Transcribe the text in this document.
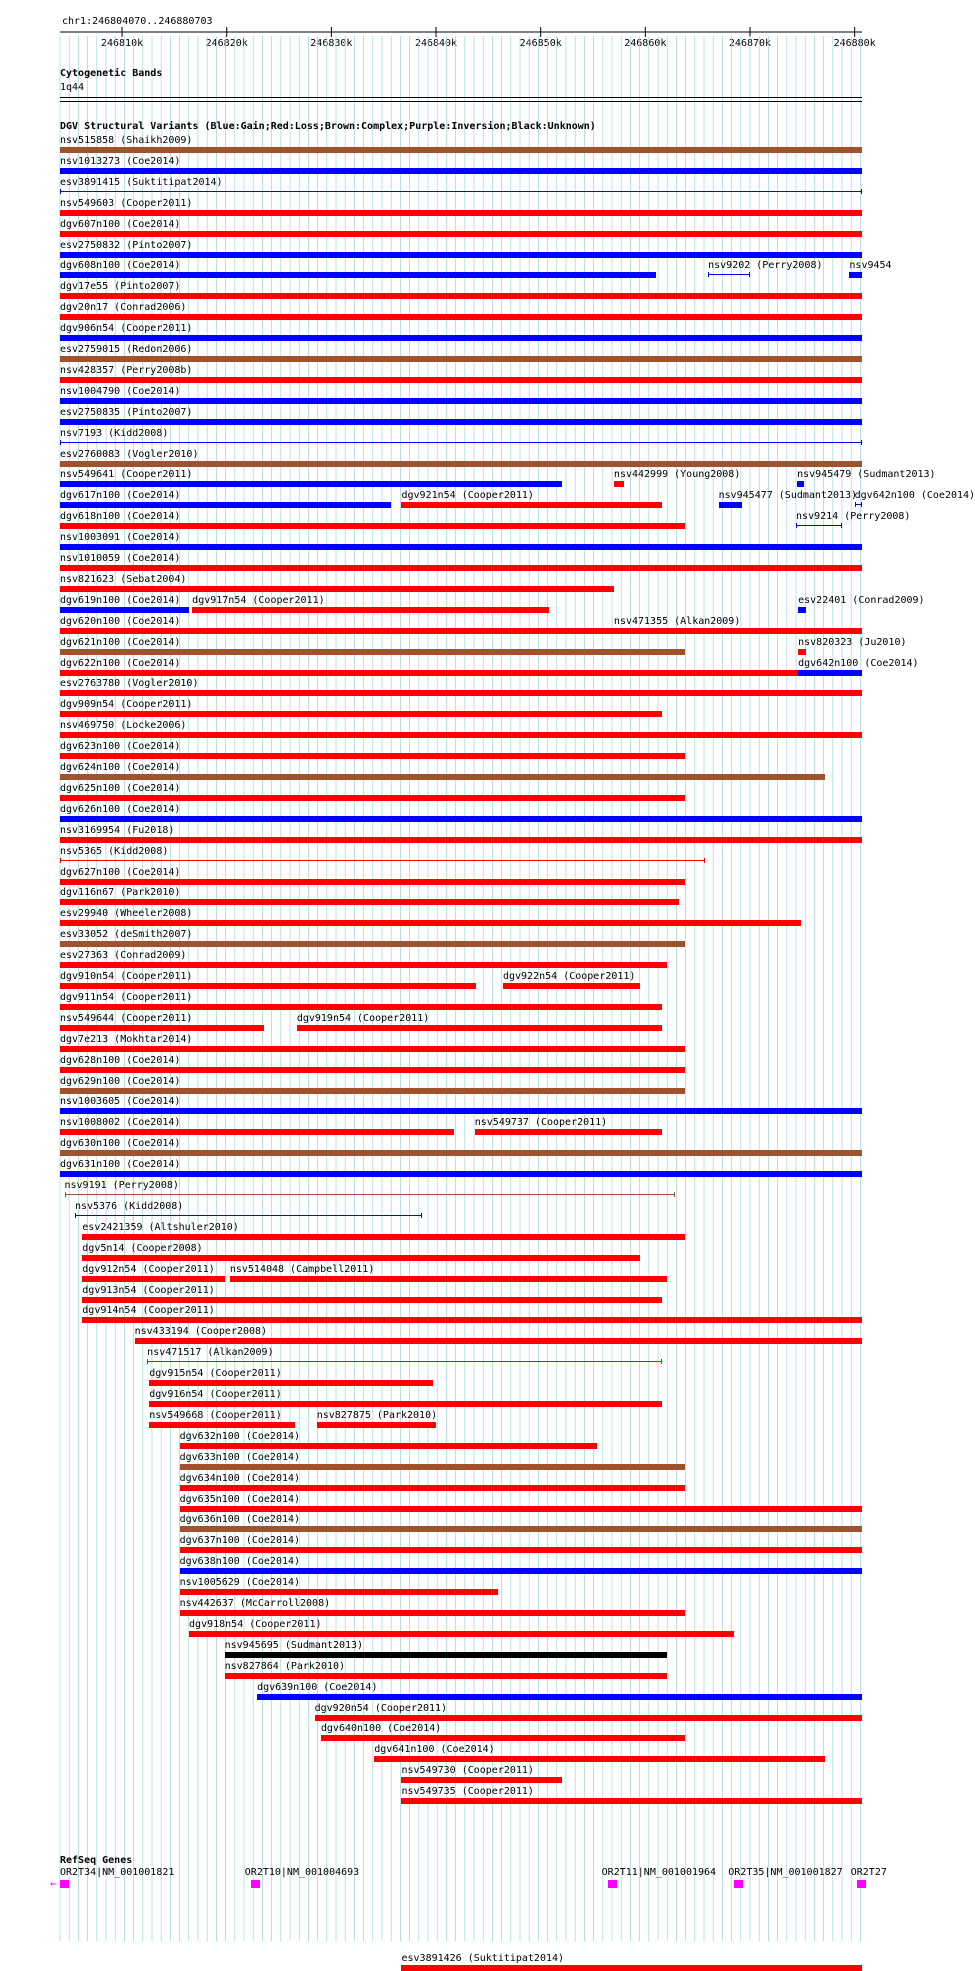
chr1:246804070..246880703
246810k	246820k	246830k	246840k	246850k	246860k	246870k	246880k
Cytogenetic Bands
1q44
DGV Structural Variants (Blue:Gain;Red:Loss;Brown:Complex;Purple:Inversion;Black:Unknown)
nsv515858 (Shaikh2009)
nsv1013273 (Coe2014)
esv3891415 (Suktitipat2014)
nsv549603 (Cooper2011)
dgv607n100 (Coe2014)
esv2750832 (Pinto2007)
dgv608n100 (Coe2014)
dgv17e55 (Pinto2007)
dgv20n17 (Conrad2006)
dgv906n54 (Cooper2011)
esv2759015 (Redon2006)
nsv428357 (Perry2008b)
nsv1004790 (Coe2014)
esv2750835 (Pinto2007)
nsv7193 (Kidd2008)
esv2760083 (Vogler2010)
nsv549641 (Cooper2011)
dgv617n100 (Coe2014)	dgv921n54 (Cooper2011)
dgv618n100 (Coe2014)
nsv1003091 (Coe2014)
nsv1010059 (Coe2014)
nsv821623 (Sebat2004)
dgv619n100 (Coe2014) dgv917n54 (Cooper2011)
dgv620n100 (Coe2014)
dgv621n100 (Coe2014)
dgv622n100 (Coe2014)
esv2763780 (Vogler2010)
dgv909n54 (Cooper2011)
nsv469750 (Locke2006)
dgv623n100 (Coe2014)
dgv624n100 (Coe2014)
dgv625n100 (Coe2014)
dgv626n100 (Coe2014)
nsv3169954 (Fu2018)
nsv5365 (Kidd2008)
dgv627n100 (Coe2014)
dgv116n67 (Park2010)
esv29940 (Wheeler2008)
esv33052 (deSmith2007)
esv27363 (Conrad2009)
dgv910n54 (Cooper2011)	dgv922n54 (Cooper2011)
dgv911n54 (Cooper2011)
nsv549644 (Cooper2011)	dgv919n54 (Cooper2011)
dgv7e213 (Mokhtar2014)
dgv628n100 (Coe2014)
dgv629n100 (Coe2014)
nsv1003605 (Coe2014)
nsv1008002 (Coe2014)	nsv549737 (Cooper2011)
dgv630n100 (Coe2014)
dgv631n100 (Coe2014)
nsv9191 (Perry2008)
nsv5376 (Kidd2008)
esv2421359 (Altshuler2010)
dgv5n14 (Cooper2008)
dgv912n54 (Cooper2011) nsv514048 (Campbell2011)
dgv913n54 (Cooper2011)
dgv914n54 (Cooper2011)
nsv433194 (Cooper2008)
nsv471517 (Alkan2009)
dgv915n54 (Cooper2011)
dgv916n54 (Cooper2011)
nsv549668 (Cooper2011)	nsv827875 (Park2010)
dgv632n100 (Coe2014)
dgv633n100 (Coe2014)
dgv634n100 (Coe2014)
dgv635n100 (Coe2014)
dgv636n100 (Coe2014)
dgv637n100 (Coe2014)
dgv638n100 (Coe2014)
nsv1005629 (Coe2014)
nsv442637 (McCarroll2008)
dgv918n54 (Cooper2011)
nsv945695 (Sudmant2013)
nsv827864 (Park2010)
dgv639n100 (Coe2014)
dgv920n54 (Cooper2011)
dgv640n100 (Coe2014)
dgv641n100 (Coe2014)
nsv549730 (Cooper2011)
nsv549735 (Cooper2011)
esv3891426 (Suktitipat2014)
nsv9202 (Perry2008)	nsv9454
nsv442999 (Young2008)	nsv945479 (Sudmant2013)
nsv945477 (Sudmant2013)
dgv642n100 (Coe2014)
nsv9214 (Perry2008)
esv22401 (Conrad2009)
nsv471355 (Alkan2009)
nsv820323 (Ju2010)
dgv642n100 (Coe2014)
RefSeq Genes
OR2T34|NM_001001821
←
OR2T10|NM_001004693	OR2T11|NM_001001964 OR2T35|NM_001001827 OR2T27
